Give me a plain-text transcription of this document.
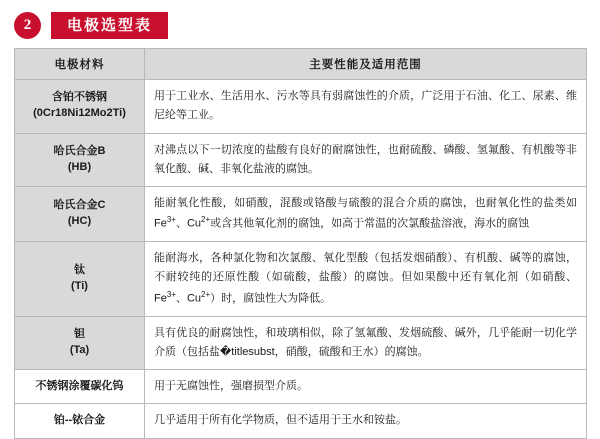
2	电极选型表
电极材料	主要性能及适用范围

含铂不锈钢
(0Cr18Ni12Mo2Ti)	用于工业水、生活用水、污水等具有弱腐蚀性的介质，广泛用于石油、化工、尿素、维尼纶等工业。

哈氏合金B
(HB)	对沸点以下一切浓度的盐酸有良好的耐腐蚀性，也耐硫酸、磷酸、氢氟酸、有机酸等非氧化酸、碱、非氧化盐液的腐蚀。

哈氏合金C
(HC)	能耐氧化性酸，如硝酸，混酸或铬酸与硫酸的混合介质的腐蚀，也耐氧化性的盐类如$Fe^{3+}$、$Cu^{2+}$或含其他氧化剂的腐蚀，如高于常温的次氯酸盐溶液，海水的腐蚀

钛
(Ti)	能耐海水，各种氯化物和次氯酸、氧化型酸（包括发烟硝酸）、有机酸、碱等的腐蚀，不耐较纯的还原性酸（如硫酸，盐酸）的腐蚀。但如果酸中还有氧化剂（如硝酸、$Fe^{3+}$、$Cu^{2+}$）时，腐蚀性大为降低。

钽
(Ta)	具有优良的耐腐蚀性，和玻璃相似，除了氢氟酸、发烟硫酸、碱外，几乎能耐一切化学介质（包括盐�titlesubst，硝酸，硫酸和王水）的腐蚀。

不锈钢涂覆碳化钨	用于无腐蚀性，强磨损型介质。

铂--铱合金	几乎适用于所有化学物质，但不适用于王水和铵盐。
